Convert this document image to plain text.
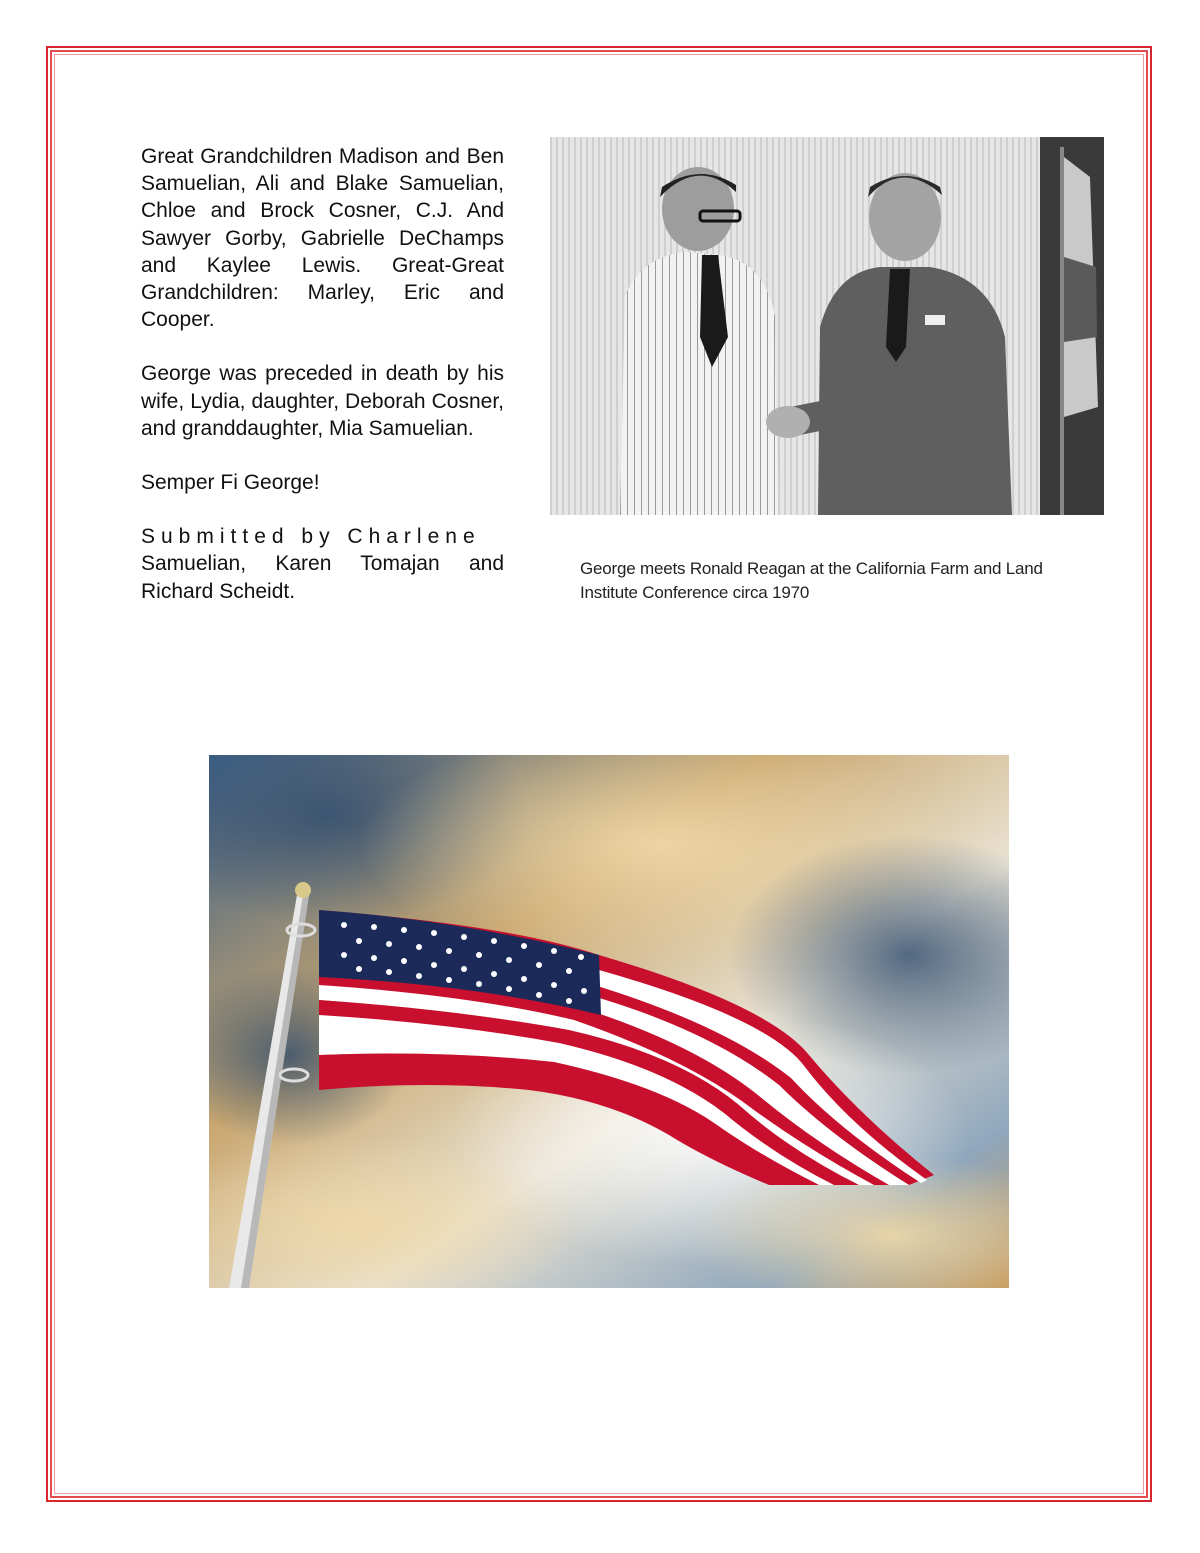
Great Grandchildren Madison and Ben Samuelian, Ali and Blake Samuelian, Chloe and Brock Cosner, C.J. And Sawyer Gorby, Gabrielle DeChamps and Kaylee Lewis. Great-Great Grandchildren: Marley, Eric and Cooper.

George was preceded in death by his wife, Lydia, daughter, Deborah Cosner, and granddaughter, Mia Samuelian.

Semper Fi George!

Submitted by Charlene

Samuelian, Karen Tomajan and Richard Scheidt.

George meets Ronald Reagan at the California Farm and Land
Institute Conference circa 1970
